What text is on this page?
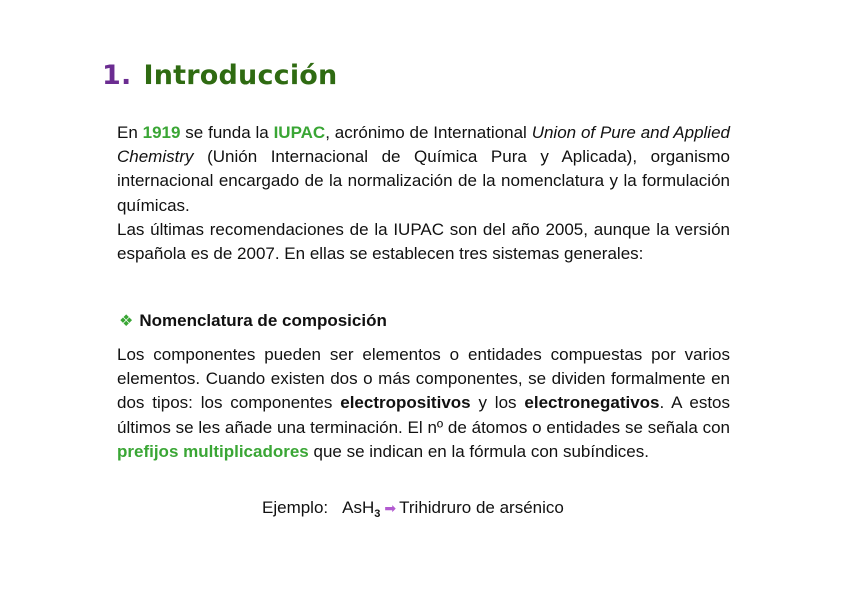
1. Introducción
En 1919 se funda la IUPAC, acrónimo de International Union of Pure and Applied Chemistry (Unión Internacional de Química Pura y Aplicada), organismo internacional encargado de la normalización de la nomenclatura y la formulación químicas.
Las últimas recomendaciones de la IUPAC son del año 2005, aunque la versión española es de 2007. En ellas se establecen tres sistemas generales:
❖ Nomenclatura de composición
Los componentes pueden ser elementos o entidades compuestas por varios elementos. Cuando existen dos o más componentes, se dividen formalmente en dos tipos: los componentes electropositivos y los electronegativos. A estos últimos se les añade una terminación. El nº de átomos o entidades se señala con prefijos multiplicadores que se indican en la fórmula con subíndices.
Ejemplo: AsH$_3$ ➡ Trihidruro de arsénico
